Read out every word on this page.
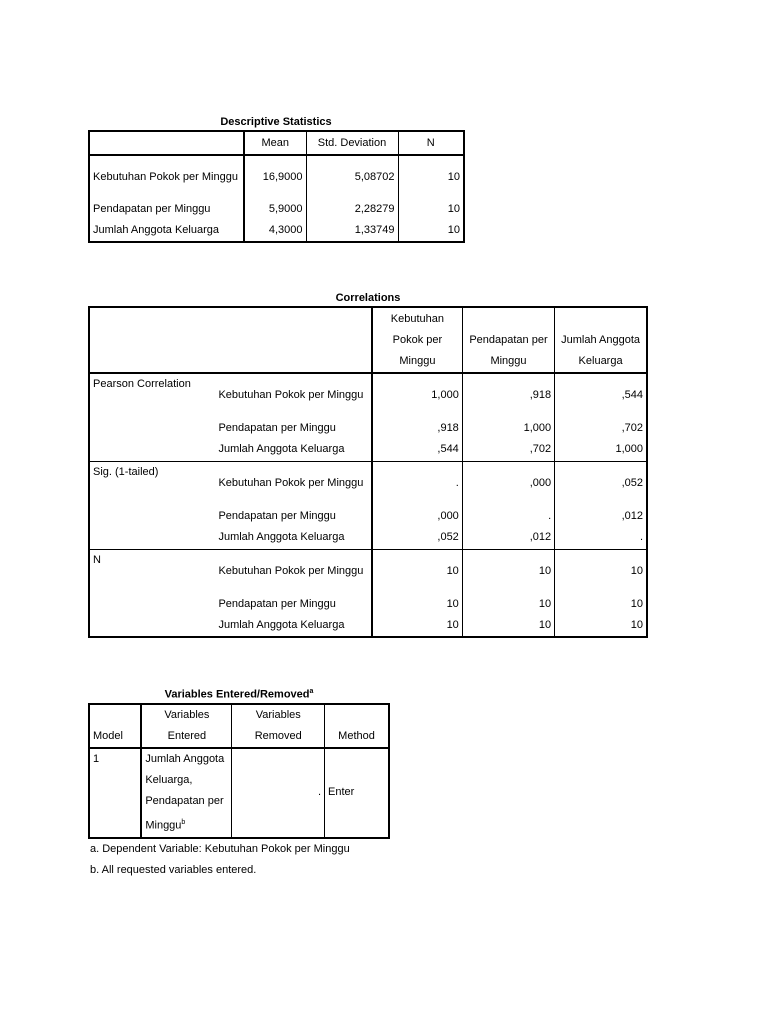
Descriptive Statistics
	Mean	Std. Deviation	N
Kebutuhan Pokok per Minggu	16,9000	5,08702	10
Pendapatan per Minggu	5,9000	2,28279	10
Jumlah Anggota Keluarga	4,3000	1,33749	10
Correlations
		Kebutuhan Pokok per Minggu	Pendapatan per Minggu	Jumlah Anggota Keluarga
Pearson Correlation	Kebutuhan Pokok per Minggu	1,000	,918	,544
	Pendapatan per Minggu	,918	1,000	,702
	Jumlah Anggota Keluarga	,544	,702	1,000
Sig. (1-tailed)	Kebutuhan Pokok per Minggu	.	,000	,052
	Pendapatan per Minggu	,000	.	,012
	Jumlah Anggota Keluarga	,052	,012	.
N	Kebutuhan Pokok per Minggu	10	10	10
	Pendapatan per Minggu	10	10	10
	Jumlah Anggota Keluarga	10	10	10
Variables Entered/Removed$^a$
Model	Variables Entered	Variables Removed	Method
1	Jumlah Anggota Keluarga, Pendapatan per Minggu$^b$	.	Enter
a. Dependent Variable: Kebutuhan Pokok per Minggu
b. All requested variables entered.
